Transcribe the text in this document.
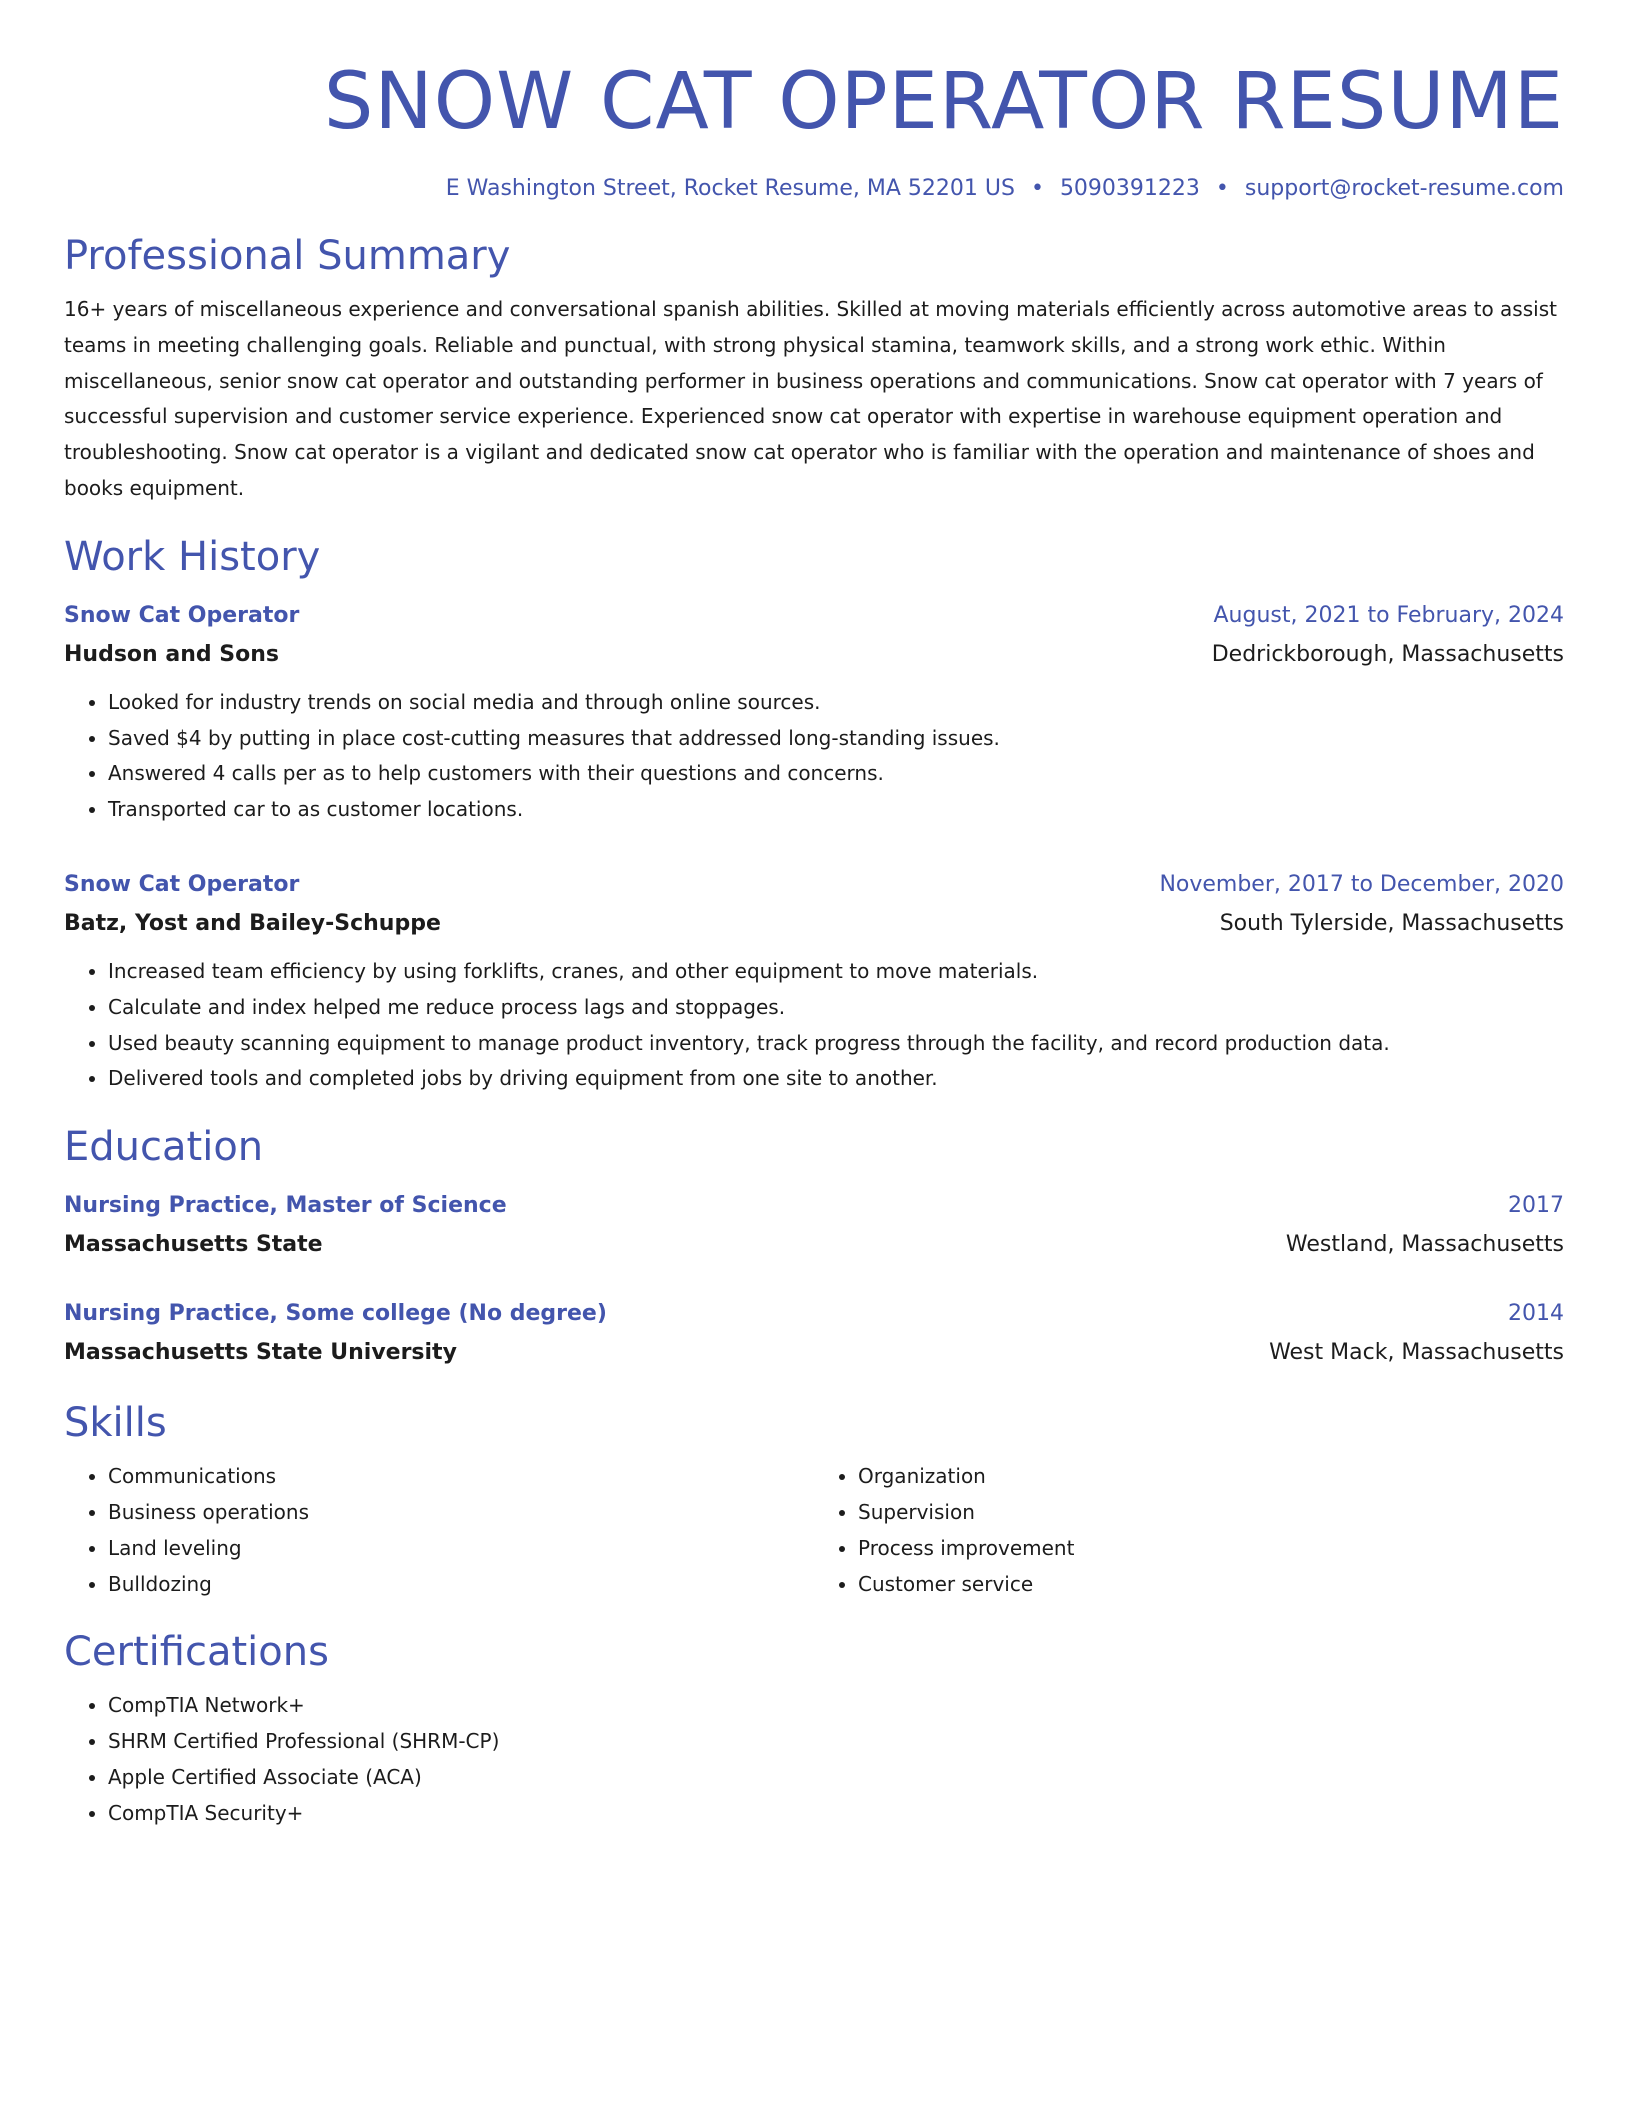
SNOW CAT OPERATOR RESUME
E Washington Street, Rocket Resume, MA 52201 US • 5090391223 • support@rocket-resume.com
Professional Summary
16+ years of miscellaneous experience and conversational spanish abilities. Skilled at moving materials efficiently across automotive areas to assist teams in meeting challenging goals. Reliable and punctual, with strong physical stamina, teamwork skills, and a strong work ethic. Within miscellaneous, senior snow cat operator and outstanding performer in business operations and communications. Snow cat operator with 7 years of successful supervision and customer service experience. Experienced snow cat operator with expertise in warehouse equipment operation and troubleshooting. Snow cat operator is a vigilant and dedicated snow cat operator who is familiar with the operation and maintenance of shoes and books equipment.
Work History
Snow Cat Operator	August, 2021 to February, 2024
Hudson and Sons	Dedrickborough, Massachusetts
• Looked for industry trends on social media and through online sources.
• Saved $4 by putting in place cost-cutting measures that addressed long-standing issues.
• Answered 4 calls per as to help customers with their questions and concerns.
• Transported car to as customer locations.
Snow Cat Operator	November, 2017 to December, 2020
Batz, Yost and Bailey-Schuppe	South Tylerside, Massachusetts
• Increased team efficiency by using forklifts, cranes, and other equipment to move materials.
• Calculate and index helped me reduce process lags and stoppages.
• Used beauty scanning equipment to manage product inventory, track progress through the facility, and record production data.
• Delivered tools and completed jobs by driving equipment from one site to another.
Education
Nursing Practice, Master of Science	2017
Massachusetts State	Westland, Massachusetts
Nursing Practice, Some college (No degree)	2014
Massachusetts State University	West Mack, Massachusetts
Skills
• Communications
• Business operations
• Land leveling
• Bulldozing
• Organization
• Supervision
• Process improvement
• Customer service
Certifications
• CompTIA Network+
• SHRM Certified Professional (SHRM-CP)
• Apple Certified Associate (ACA)
• CompTIA Security+
